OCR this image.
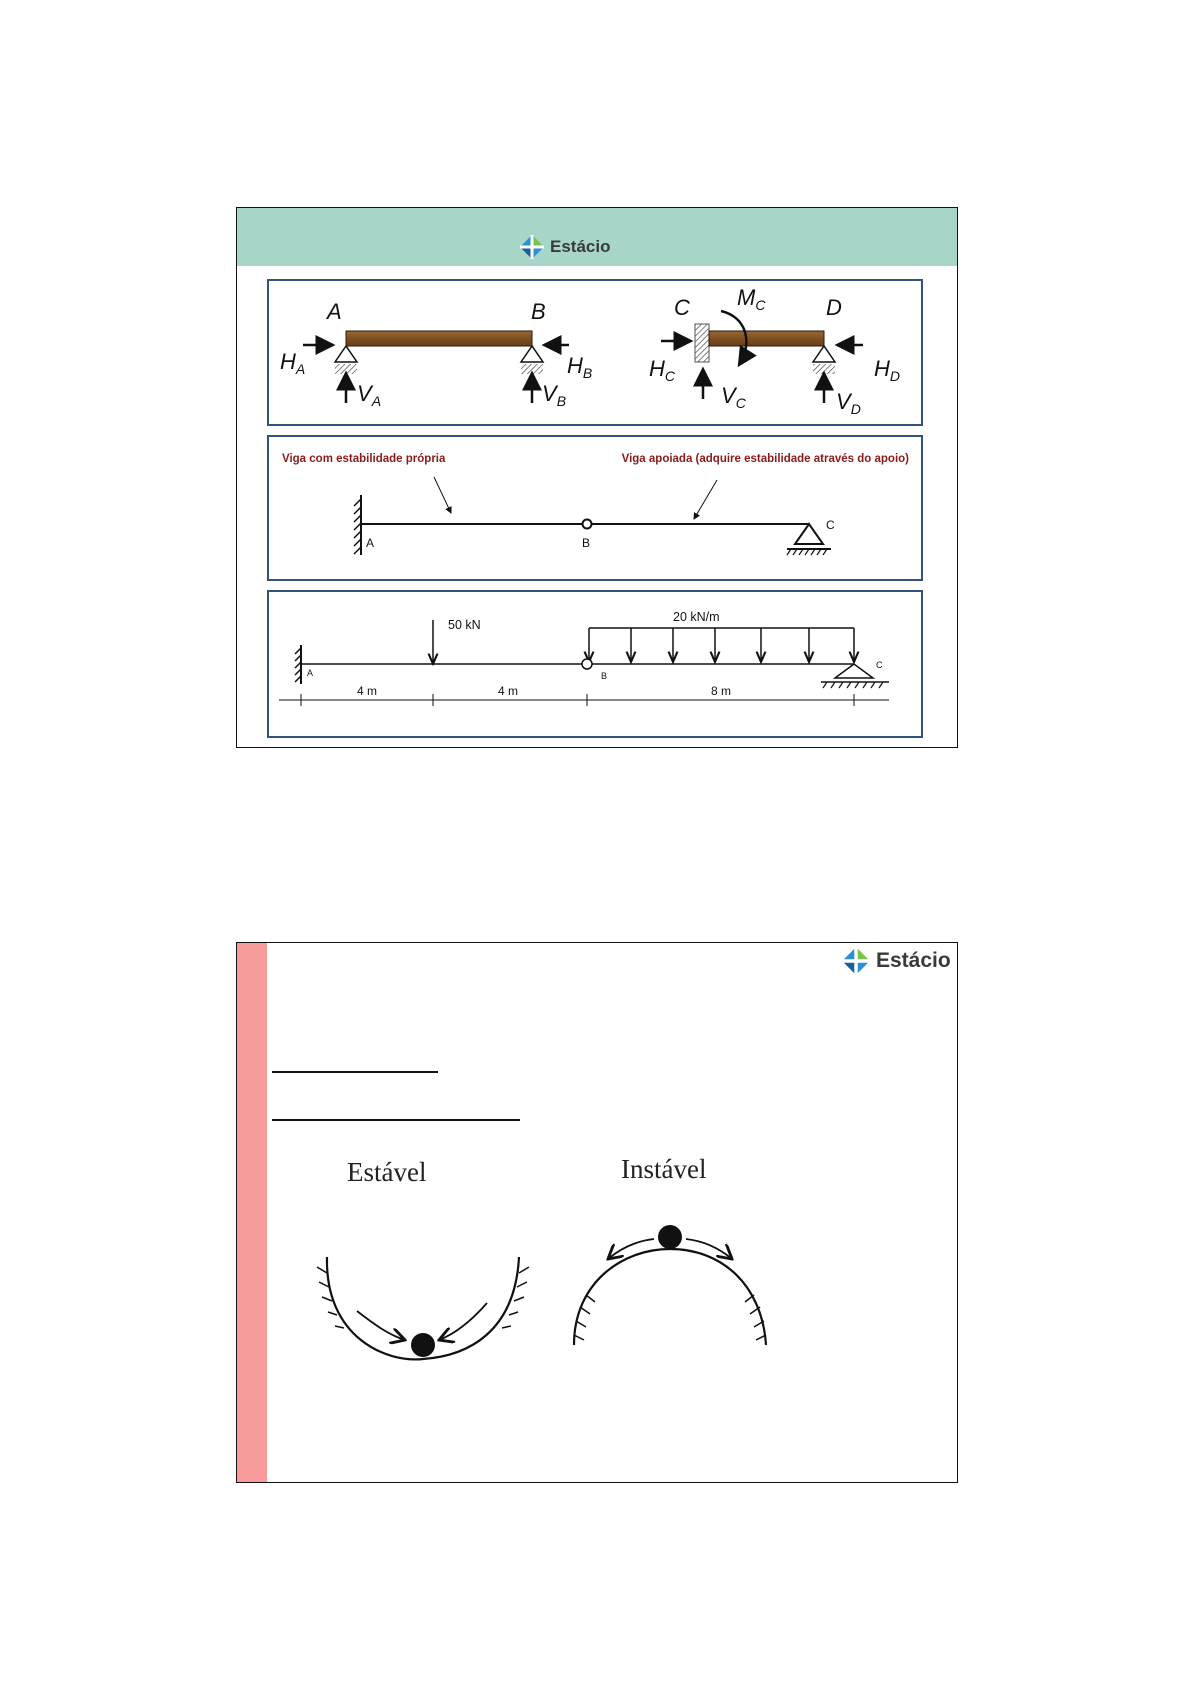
Estácio
A	B
$H_A$
$V_A$
$H_B$
$V_B$
C	D
$M_C$
$H_C$
$V_C$
$H_D$
$V_D$
Viga com estabilidade própria	Viga apoiada (adquire estabilidade através do apoio)
A	B
C
50 kN
20 kN/m
A	B
C
4 m	4 m	8 m
Estácio
Estável	Instável
